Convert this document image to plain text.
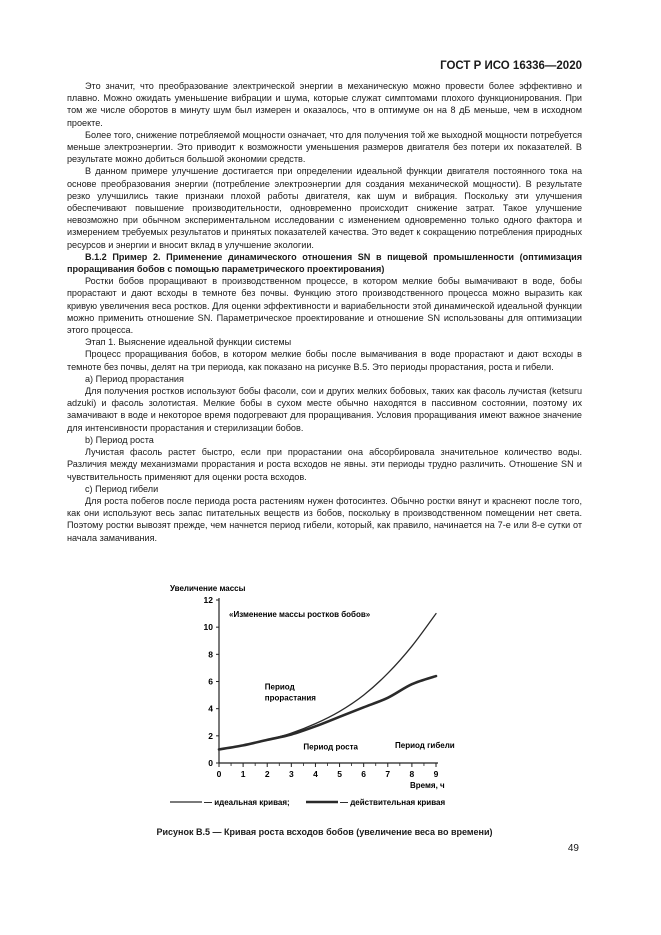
ГОСТ Р ИСО 16336—2020

Это значит, что преобразование электрической энергии в механическую можно провести более эффективно и плавно. Можно ожидать уменьшение вибрации и шума, которые служат симптомами плохого функционирования. При том же числе оборотов в минуту шум был измерен и оказалось, что в оптимуме он на 8 дБ меньше, чем в исходном проекте.

Более того, снижение потребляемой мощности означает, что для получения той же выходной мощности потребуется меньше электроэнергии. Это приводит к возможности уменьшения размеров двигателя без потери их показателей. В результате можно добиться большой экономии средств.

В данном примере улучшение достигается при определении идеальной функции двигателя постоянного тока на основе преобразования энергии (потребление электроэнергии для создания механической мощности). В результате резко улучшились такие признаки плохой работы двигателя, как шум и вибрация. Поскольку эти улучшения обеспечивают повышение производительности, одновременно происходит снижение затрат. Такое улучшение невозможно при обычном экспериментальном исследовании с изменением одновременно только одного фактора и измерением требуемых результатов и принятых показателей качества. Это ведет к сокращению потребления природных ресурсов и энергии и вносит вклад в улучшение экологии.

В.1.2 Пример 2. Применение динамического отношения SN в пищевой промышленности (оптимизация проращивания бобов с помощью параметрического проектирования)

Ростки бобов проращивают в производственном процессе, в котором мелкие бобы вымачивают в воде, бобы прорастают и дают всходы в темноте без почвы. Функцию этого производственного процесса можно выразить как кривую увеличения веса ростков. Для оценки эффективности и вариабельности этой динамической идеальной функции можно применить отношение SN. Параметрическое проектирование и отношение SN использованы для оптимизации этого процесса.

Этап 1. Выяснение идеальной функции системы

Процесс проращивания бобов, в котором мелкие бобы после вымачивания в воде прорастают и дают всходы в темноте без почвы, делят на три периода, как показано на рисунке В.5. Это периоды прорастания, роста и гибели.

a) Период прорастания

Для получения ростков используют бобы фасоли, сои и других мелких бобовых, таких как фасоль лучистая (ketsuru adzuki) и фасоль золотистая. Мелкие бобы в сухом месте обычно находятся в пассивном состоянии, поэтому их замачивают в воде и некоторое время подогревают для проращивания. Условия проращивания имеют важное значение для интенсивности прорастания и стерилизации бобов.

b) Период роста

Лучистая фасоль растет быстро, если при прорастании она абсорбировала значительное количество воды. Различия между механизмами прорастания и роста всходов не явны. эти периоды трудно различить. Отношение SN и чувствительность применяют для оценки роста всходов.

c) Период гибели

Для роста побегов после периода роста растениям нужен фотосинтез. Обычно ростки вянут и краснеют после того, как они используют весь запас питательных веществ из бобов, поскольку в производственном помещении нет света. Поэтому ростки вывозят прежде, чем начнется период гибели, который, как правило, начинается на 7-е или 8-е сутки от начала замачивания.

Увеличение массы
Время, ч
«Изменение массы ростков бобов»
0
2
4
6
8
10
12
0 1 2 3 4 5 6 7 8 9
Период прорастания
Период роста	Период гибели
— идеальная кривая;	— действительная кривая
Рисунок В.5 — Кривая роста всходов бобов (увеличение веса во времени)
49
